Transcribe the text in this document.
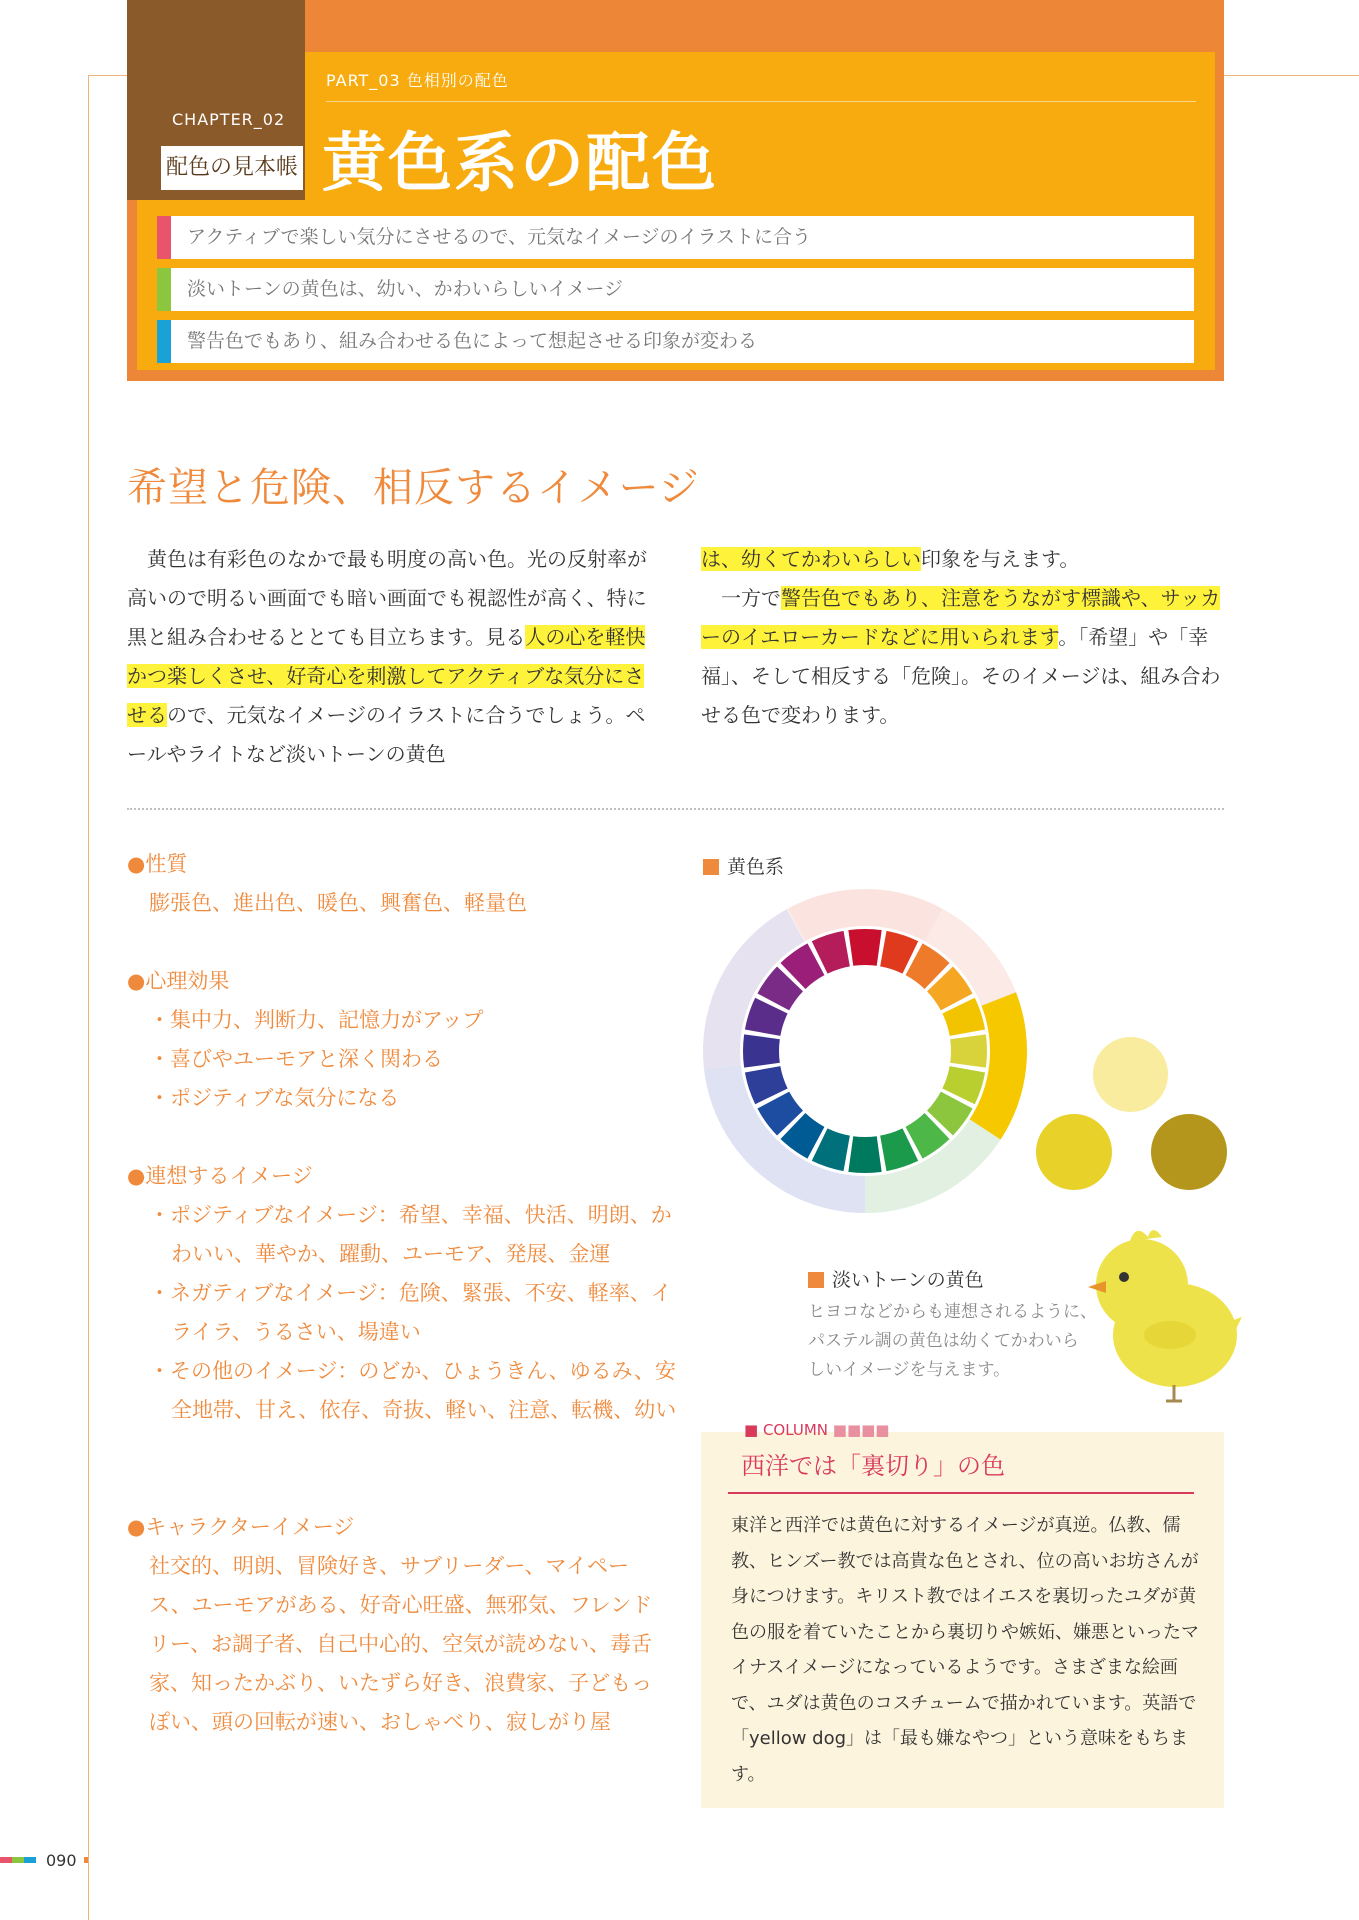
CHAPTER_02
配色の見本帳
PART_03 色相別の配色
黄色系の配色
アクティブで楽しい気分にさせるので、元気なイメージのイラストに合う
淡いトーンの黄色は、幼い、かわいらしいイメージ
警告色でもあり、組み合わせる色によって想起させる印象が変わる
希望と危険、相反するイメージ
黄色は有彩色のなかで最も明度の高い色。光の反射率が高いので明るい画面でも暗い画面でも視認性が高く、特に黒と組み合わせるととても目立ちます。見る人の心を軽快かつ楽しくさせ、好奇心を刺激してアクティブな気分にさせるので、元気なイメージのイラストに合うでしょう。ペールやライトなど淡いトーンの黄色
は、幼くてかわいらしい印象を与えます。
一方で警告色でもあり、注意をうながす標識や、サッカーのイエローカードなどに用いられます。「希望」や「幸福」、そして相反する「危険」。そのイメージは、組み合わせる色で変わります。
●性質
膨張色、進出色、暖色、興奮色、軽量色
●心理効果
・集中力、判断力、記憶力がアップ
・喜びやユーモアと深く関わる
・ポジティブな気分になる
●連想するイメージ
・ポジティブなイメージ：希望、幸福、快活、明朗、かわいい、華やか、躍動、ユーモア、発展、金運
・ネガティブなイメージ：危険、緊張、不安、軽率、イライラ、うるさい、場違い
・その他のイメージ：のどか、ひょうきん、ゆるみ、安全地帯、甘え、依存、奇抜、軽い、注意、転機、幼い
●キャラクターイメージ
社交的、明朗、冒険好き、サブリーダー、マイペース、ユーモアがある、好奇心旺盛、無邪気、フレンドリー、お調子者、自己中心的、空気が読めない、毒舌家、知ったかぶり、いたずら好き、浪費家、子どもっぽい、頭の回転が速い、おしゃべり、寂しがり屋
黄色系
淡いトーンの黄色
ヒヨコなどからも連想されるように、
パステル調の黄色は幼くてかわいら
しいイメージを与えます。
■ COLUMN ■■■■
西洋では「裏切り」の色
東洋と西洋では黄色に対するイメージが真逆。仏教、儒教、ヒンズー教では高貴な色とされ、位の高いお坊さんが身につけます。キリスト教ではイエスを裏切ったユダが黄色の服を着ていたことから裏切りや嫉妬、嫌悪といったマイナスイメージになっているようです。さまざまな絵画で、ユダは黄色のコスチュームで描かれています。英語で「yellow dog」は「最も嫌なやつ」という意味をもちます。
090
